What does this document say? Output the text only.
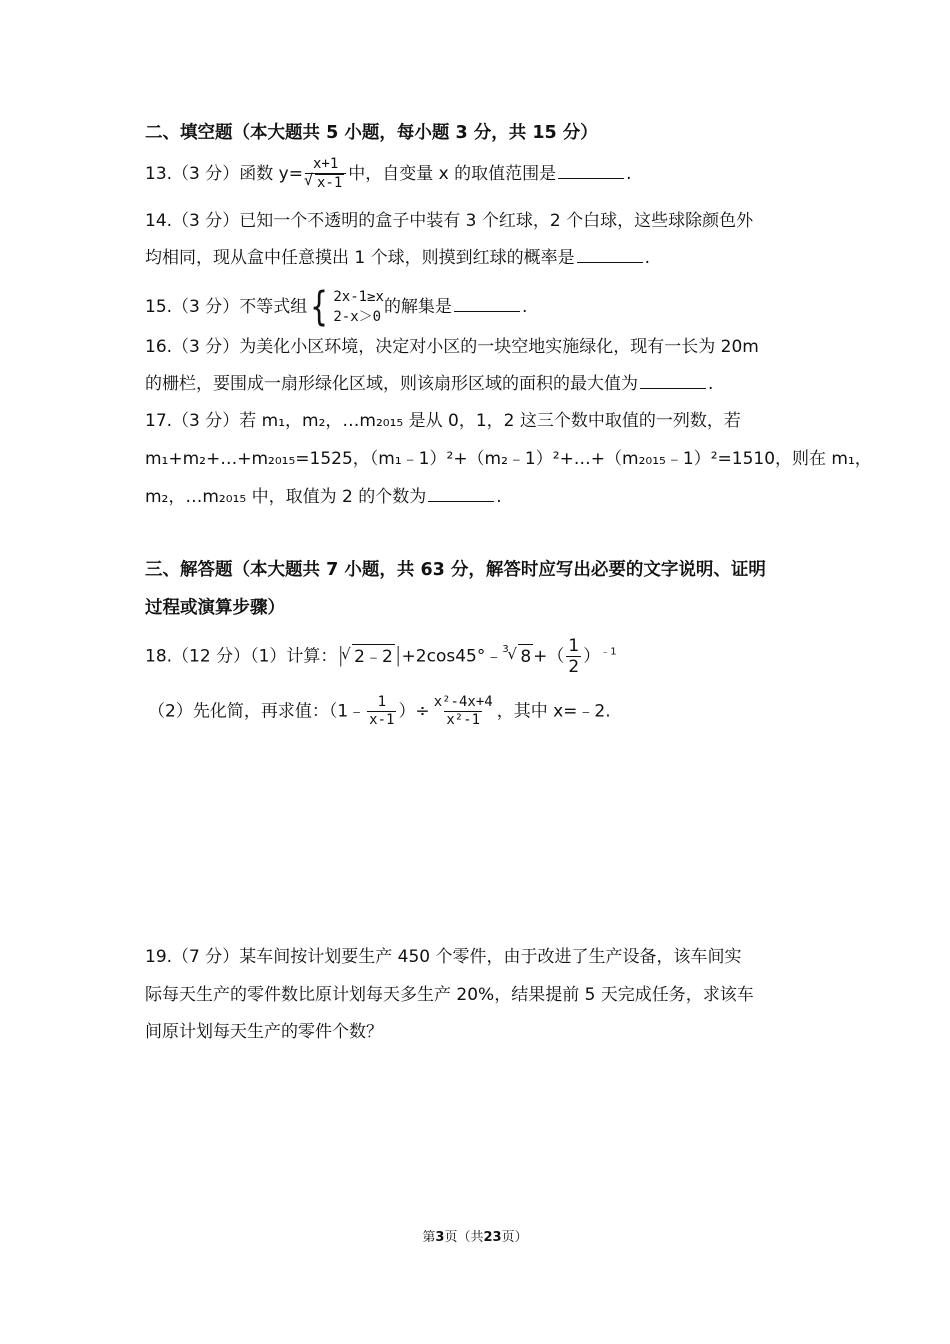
二、填空题（本大题共 5 小题，每小题 3 分，共 15 分）
13.（3 分）函数 y= x+1
√ x-1 中，自变量 x 的取值范围是	.
14.（3 分）已知一个不透明的盒子中装有 3 个红球，2 个白球，这些球除颜色外
均相同，现从盒中任意摸出 1 个球，则摸到红球的概率是	.
15.（3 分）不等式组 { 2x-1≥x
2-x＞0 的解集是	.
16.（3 分）为美化小区环境，决定对小区的一块空地实施绿化，现有一长为 20m
的栅栏，要围成一扇形绿化区域，则该扇形区域的面积的最大值为	.
17.（3 分）若 m₁，m₂，…m₂₀₁₅ 是从 0，1，2 这三个数中取值的一列数，若
m₁+m₂+…+m₂₀₁₅=1525，（m₁﹣1）²+（m₂﹣1）²+…+（m₂₀₁₅﹣1）²=1510，则在 m₁，
m₂，…m₂₀₁₅ 中，取值为 2 的个数为	.
三、解答题（本大题共 7 小题，共 63 分，解答时应写出必要的文字说明、证明
过程或演算步骤）
18.（12 分）（1）计算：| √ 2﹣2 |+2cos45°﹣ 3 √ 8 +（ $\frac{1}{2} )^{﹣1}$
（2）先化简，再求值：（1﹣ $\frac{1}{x-1}$ ）÷ $\frac{\text{x²-4x+4}}{\text{x²-1}}$ ，其中 x=﹣2.
19.（7 分）某车间按计划要生产 450 个零件，由于改进了生产设备，该车间实
际每天生产的零件数比原计划每天多生产 20%，结果提前 5 天完成任务，求该车
间原计划每天生产的零件个数？
第3页（共23页）
